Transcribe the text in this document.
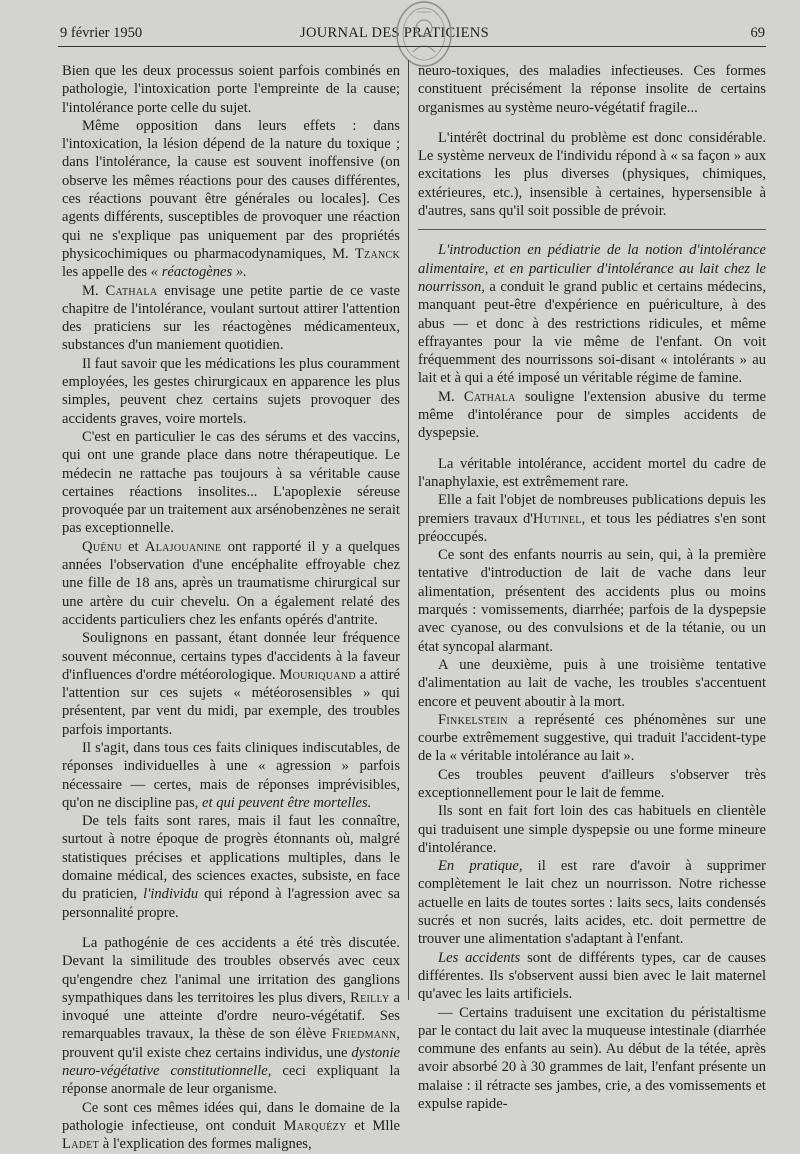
9 février 1950	JOURNAL DES PRATICIENS	69

Bien que les deux processus soient parfois combinés en pathologie, l'intoxication porte l'empreinte de la cause; l'intolérance porte celle du sujet.

Même opposition dans leurs effets : dans l'intoxication, la lésion dépend de la nature du toxique ; dans l'intolérance, la cause est souvent inoffensive (on observe les mêmes réactions pour des causes différentes, ces réactions pouvant être générales ou locales]. Ces agents différents, susceptibles de provoquer une réaction qui ne s'explique pas uniquement par des propriétés physicochimiques ou pharmacodynamiques, M. Tzanck les appelle des « réactogènes ».

M. Cathala envisage une petite partie de ce vaste chapitre de l'intolérance, voulant surtout attirer l'attention des praticiens sur les réactogènes médicamenteux, substances d'un maniement quotidien.

Il faut savoir que les médications les plus couramment employées, les gestes chirurgicaux en apparence les plus simples, peuvent chez certains sujets provoquer des accidents graves, voire mortels.

C'est en particulier le cas des sérums et des vaccins, qui ont une grande place dans notre thérapeutique. Le médecin ne rattache pas toujours à sa véritable cause certaines réactions insolites... L'apoplexie séreuse provoquée par un traitement aux arsénobenzènes ne serait pas exceptionnelle.

Quénu et Alajouanine ont rapporté il y a quelques années l'observation d'une encéphalite effroyable chez une fille de 18 ans, après un traumatisme chirurgical sur une artère du cuir chevelu. On a également relaté des accidents particuliers chez les enfants opérés d'antrite.

Soulignons en passant, étant donnée leur fréquence souvent méconnue, certains types d'accidents à la faveur d'influences d'ordre météorologique. Mouriquand a attiré l'attention sur ces sujets « météorosensibles » qui présentent, par vent du midi, par exemple, des troubles parfois importants.

Il s'agit, dans tous ces faits cliniques indiscutables, de réponses individuelles à une « agression » parfois nécessaire — certes, mais de réponses imprévisibles, qu'on ne discipline pas, et qui peuvent être mortelles.

De tels faits sont rares, mais il faut les connaître, surtout à notre époque de progrès étonnants où, malgré statistiques précises et applications multiples, dans le domaine médical, des sciences exactes, subsiste, en face du praticien, l'individu qui répond à l'agression avec sa personnalité propre.

La pathogénie de ces accidents a été très discutée. Devant la similitude des troubles observés avec ceux qu'engendre chez l'animal une irritation des ganglions sympathiques dans les territoires les plus divers, Reilly a invoqué une atteinte d'ordre neuro-végétatif. Ses remarquables travaux, la thèse de son élève Friedmann, prouvent qu'il existe chez certains individus, une dystonie neuro-végétative constitutionnelle, ceci expliquant la réponse anormale de leur organisme.

Ce sont ces mêmes idées qui, dans le domaine de la pathologie infectieuse, ont conduit Marquézy et Mlle Ladet à l'explication des formes malignes,

neuro-toxiques, des maladies infectieuses. Ces formes constituent précisément la réponse insolite de certains organismes au système neuro-végétatif fragile...

L'intérêt doctrinal du problème est donc considérable. Le système nerveux de l'individu répond à « sa façon » aux excitations les plus diverses (physiques, chimiques, extérieures, etc.), insensible à certaines, hypersensible à d'autres, sans qu'il soit possible de prévoir.

L'introduction en pédiatrie de la notion d'intolérance alimentaire, et en particulier d'intolérance au lait chez le nourrisson, a conduit le grand public et certains médecins, manquant peut-être d'expérience en puériculture, à des abus — et donc à des restrictions ridicules, et même effrayantes pour la vie même de l'enfant. On voit fréquemment des nourrissons soi-disant « intolérants » au lait et à qui a été imposé un véritable régime de famine.

M. Cathala souligne l'extension abusive du terme même d'intolérance pour de simples accidents de dyspepsie.

La véritable intolérance, accident mortel du cadre de l'anaphylaxie, est extrêmement rare.

Elle a fait l'objet de nombreuses publications depuis les premiers travaux d'Hutinel, et tous les pédiatres s'en sont préoccupés.

Ce sont des enfants nourris au sein, qui, à la première tentative d'introduction de lait de vache dans leur alimentation, présentent des accidents plus ou moins marqués : vomissements, diarrhée; parfois de la dyspepsie avec cyanose, ou des convulsions et de la tétanie, ou un état syncopal alarmant.

A une deuxième, puis à une troisième tentative d'alimentation au lait de vache, les troubles s'accentuent encore et peuvent aboutir à la mort.

Finkelstein a représenté ces phénomènes sur une courbe extrêmement suggestive, qui traduit l'accident-type de la « véritable intolérance au lait ».

Ces troubles peuvent d'ailleurs s'observer très exceptionnellement pour le lait de femme.

Ils sont en fait fort loin des cas habituels en clientèle qui traduisent une simple dyspepsie ou une forme mineure d'intolérance.

En pratique, il est rare d'avoir à supprimer complètement le lait chez un nourrisson. Notre richesse actuelle en laits de toutes sortes : laits secs, laits condensés sucrés et non sucrés, laits acides, etc. doit permettre de trouver une alimentation s'adaptant à l'enfant.

Les accidents sont de différents types, car de causes différentes. Ils s'observent aussi bien avec le lait maternel qu'avec les laits artificiels.

— Certains traduisent une excitation du péristaltisme par le contact du lait avec la muqueuse intestinale (diarrhée commune des enfants au sein). Au début de la tétée, après avoir absorbé 20 à 30 grammes de lait, l'enfant présente un malaise : il rétracte ses jambes, crie, a des vomissements et expulse rapide-
